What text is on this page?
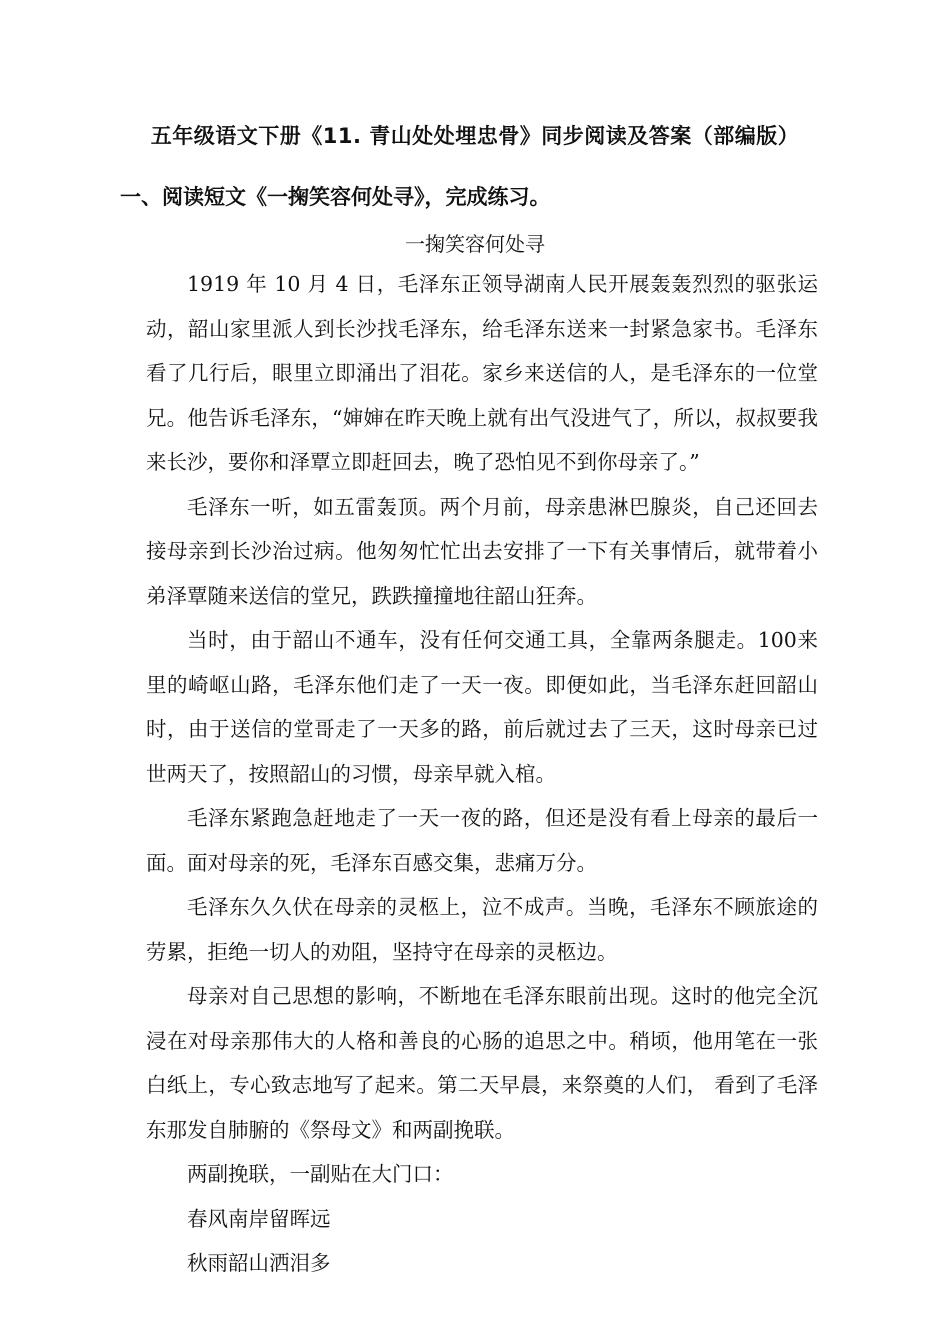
五年级语文下册《11. 青山处处埋忠骨》同步阅读及答案（部编版）
一、阅读短文《一掬笑容何处寻》，完成练习。
一掬笑容何处寻

1919 年 10 月 4 日，毛泽东正领导湖南人民开展轰轰烈烈的驱张运动，韶山家里派人到长沙找毛泽东，给毛泽东送来一封紧急家书。毛泽东看了几行后，眼里立即涌出了泪花。家乡来送信的人，是毛泽东的一位堂兄。他告诉毛泽东，“婶婶在昨天晚上就有出气没进气了，所以，叔叔要我来长沙，要你和泽覃立即赶回去，晚了恐怕见不到你母亲了。”

毛泽东一听，如五雷轰顶。两个月前，母亲患淋巴腺炎，自己还回去接母亲到长沙治过病。他匆匆忙忙出去安排了一下有关事情后，就带着小弟泽覃随来送信的堂兄，跌跌撞撞地往韶山狂奔。

当时，由于韶山不通车，没有任何交通工具，全靠两条腿走。100来里的崎岖山路，毛泽东他们走了一天一夜。即便如此，当毛泽东赶回韶山时，由于送信的堂哥走了一天多的路，前后就过去了三天，这时母亲已过世两天了，按照韶山的习惯，母亲早就入棺。

毛泽东紧跑急赶地走了一天一夜的路，但还是没有看上母亲的最后一面。面对母亲的死，毛泽东百感交集，悲痛万分。

毛泽东久久伏在母亲的灵柩上，泣不成声。当晚，毛泽东不顾旅途的劳累，拒绝一切人的劝阻，坚持守在母亲的灵柩边。

母亲对自己思想的影响，不断地在毛泽东眼前出现。这时的他完全沉浸在对母亲那伟大的人格和善良的心肠的追思之中。稍顷，他用笔在一张白纸上，专心致志地写了起来。第二天早晨，来祭奠的人们， 看到了毛泽东那发自肺腑的《祭母文》和两副挽联。

两副挽联，一副贴在大门口：

春风南岸留晖远

秋雨韶山洒泪多
